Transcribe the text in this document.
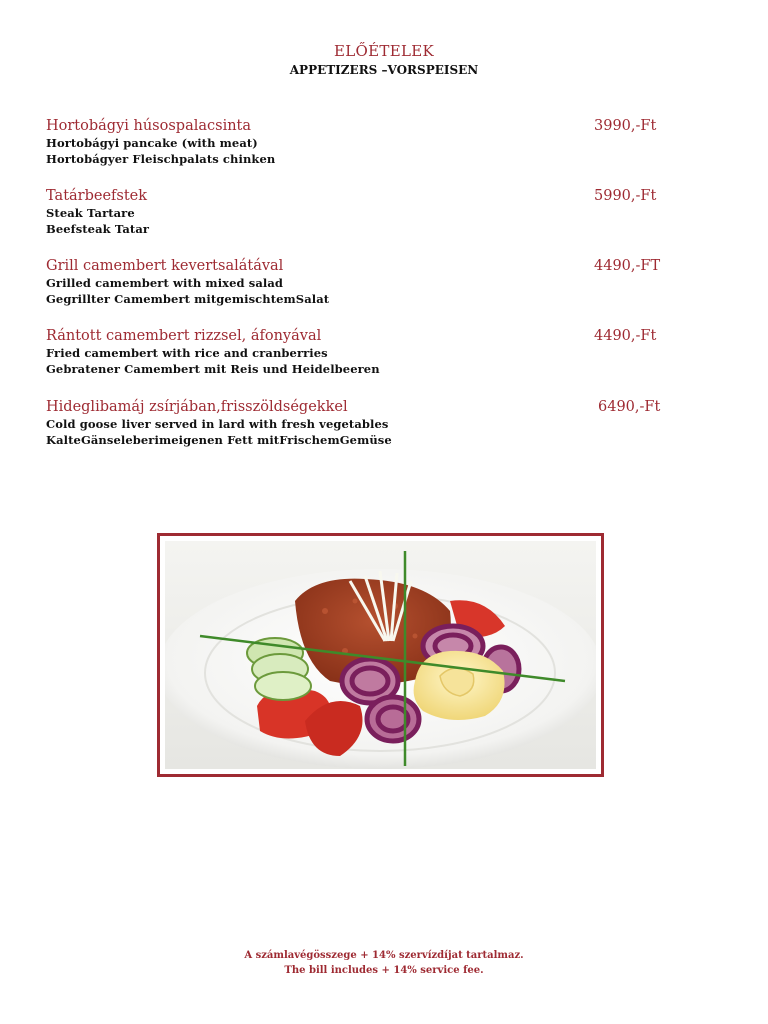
ELŐÉTELEK
APPETIZERS –VORSPEISEN
Hortobágyi húsospalacsinta	3990,-Ft
Hortobágyi pancake (with meat)
Hortobágyer Fleischpalats chinken
Tatárbeefstek	5990,-Ft
Steak Tartare
Beefsteak Tatar
Grill camembert kevertsalátával	4490,-FT
Grilled camembert with mixed salad
Gegrillter Camembert mitgemischtemSalat
Rántott camembert rizzsel, áfonyával	4490,-Ft
Fried camembert with rice and cranberries
Gebratener Camembert mit Reis und Heidelbeeren
Hideglibamáj zsírjában,frisszöldségekkel	6490,-Ft
Cold goose liver served in lard with fresh vegetables
KalteGänseleberimeigenen Fett mitFrischemGemüse
A számlavégösszege + 14% szervízdíjat tartalmaz.
The bill includes + 14% service fee.
